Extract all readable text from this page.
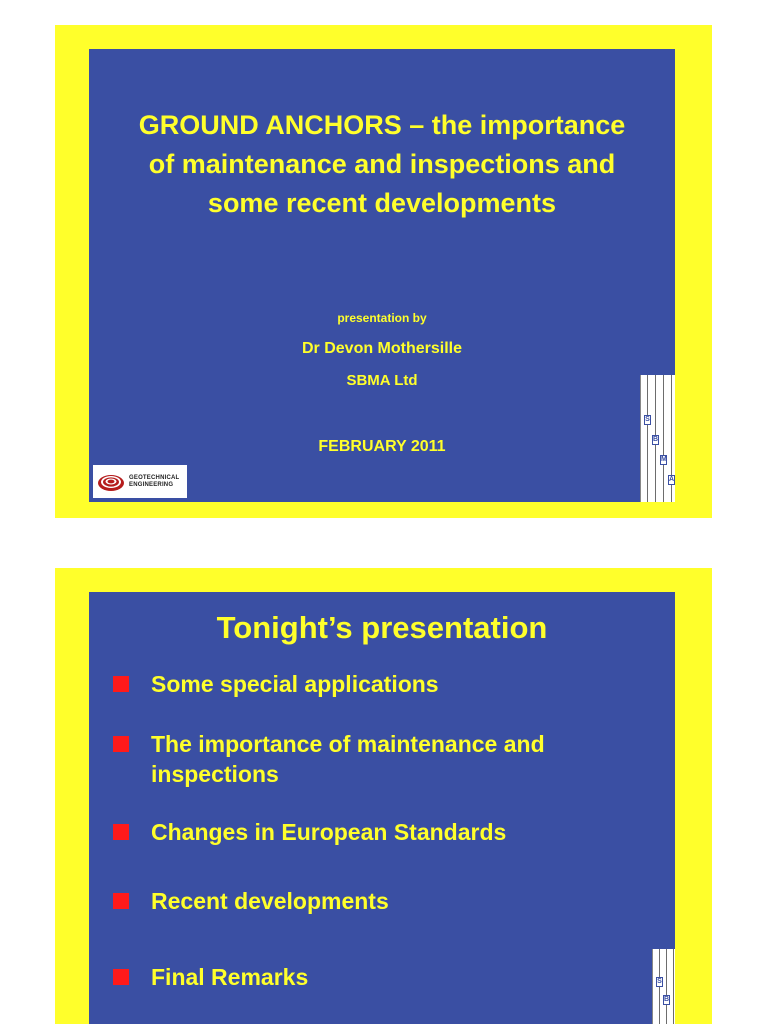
GROUND ANCHORS – the importance of maintenance and inspections and some recent developments
presentation by
Dr Devon Mothersille
SBMA Ltd
FEBRUARY 2011
GEOTECHNICAL
ENGINEERING
S
B
M
A
Tonight’s presentation
Some special applications
The importance of maintenance and inspections
Changes in European Standards
Recent developments
Final Remarks	S
B
